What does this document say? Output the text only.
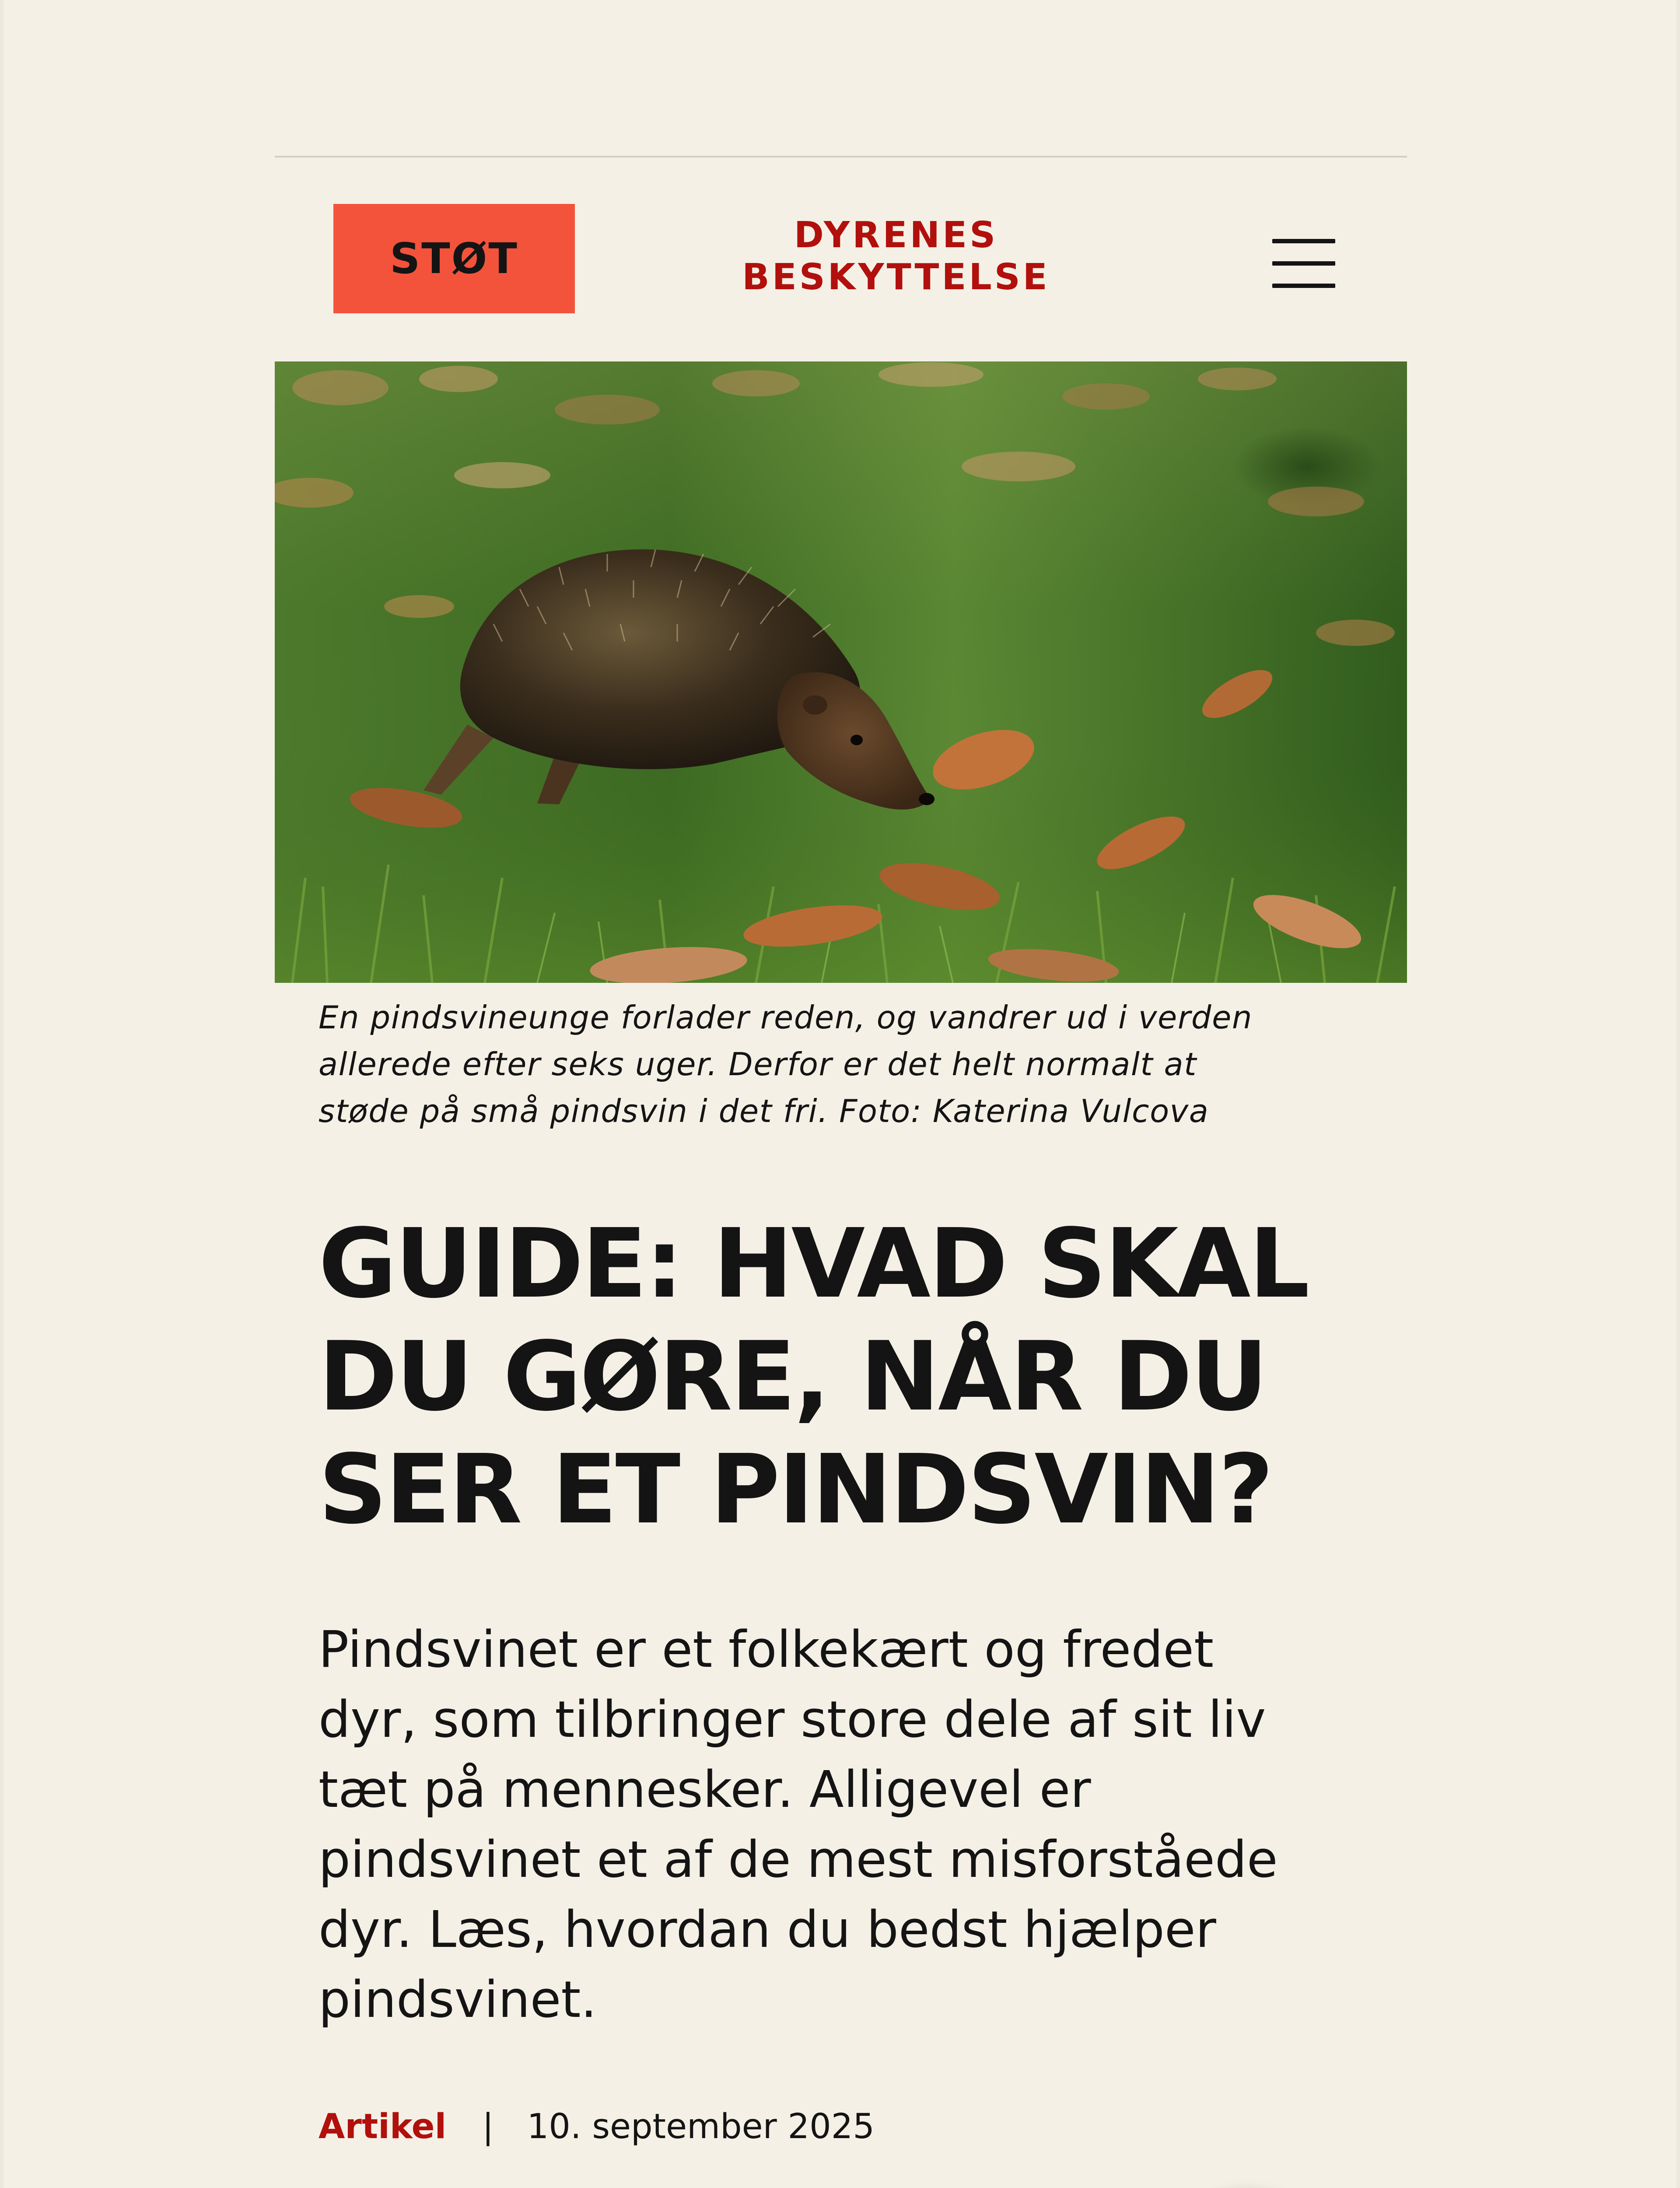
STØT	DYRENES
BESKYTTELSE
En pindsvineunge forlader reden, og vandrer ud i verden
allerede efter seks uger. Derfor er det helt normalt at
støde på små pindsvin i det fri. Foto: Katerina Vulcova
GUIDE: HVAD SKAL
DU GØRE, NÅR DU
SER ET PINDSVIN?

Pindsvinet er et folkekært og fredet
dyr, som tilbringer store dele af sit liv
tæt på mennesker. Alligevel er
pindsvinet et af de mest misforståede
dyr. Læs, hvordan du bedst hjælper
pindsvinet.

Artikel | 10. september 2025
